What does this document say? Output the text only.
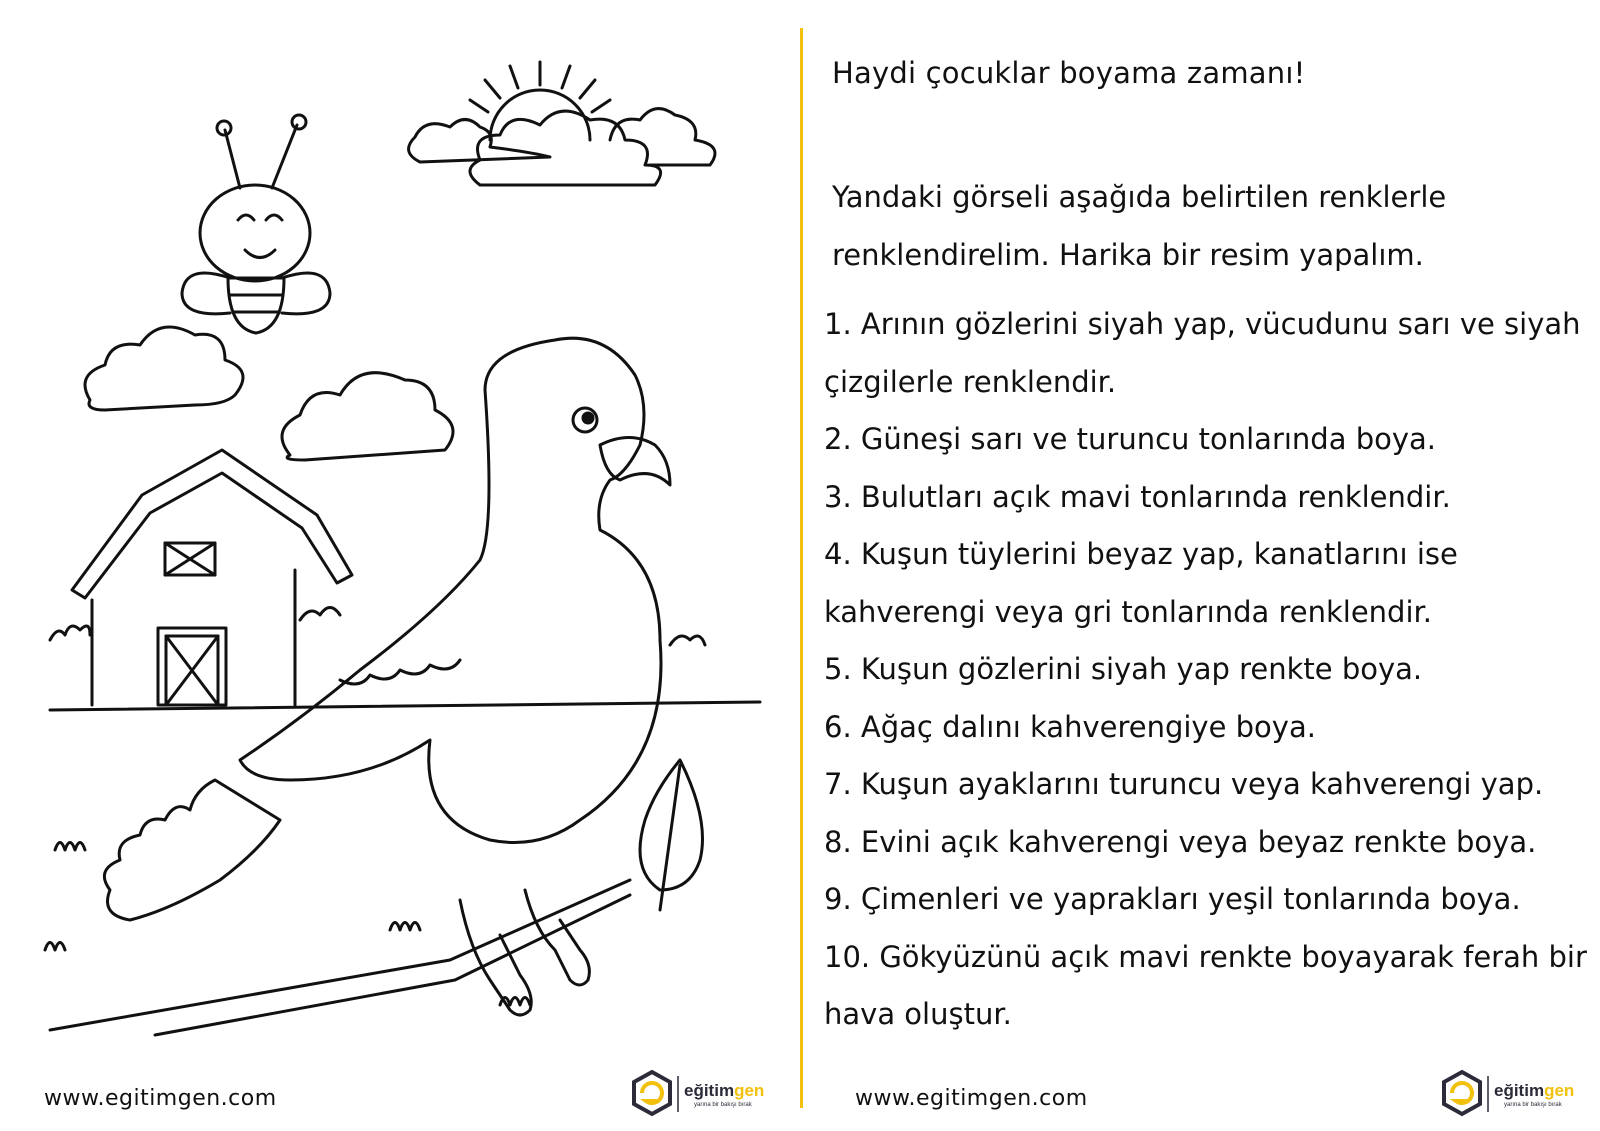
Haydi çocuklar boyama zamanı!
Yandaki görseli aşağıda belirtilen renklerle renklendirelim. Harika bir resim yapalım.
1. Arının gözlerini siyah yap, vücudunu sarı ve siyah çizgilerle renklendir.
2. Güneşi sarı ve turuncu tonlarında boya.
3. Bulutları açık mavi tonlarında renklendir.
4. Kuşun tüylerini beyaz yap, kanatlarını ise kahverengi veya gri tonlarında renklendir.
5. Kuşun gözlerini siyah yap renkte boya.
6. Ağaç dalını kahverengiye boya.
7. Kuşun ayaklarını turuncu veya kahverengi yap.
8. Evini açık kahverengi veya beyaz renkte boya.
9. Çimenleri ve yaprakları yeşil tonlarında boya.
10. Gökyüzünü açık mavi renkte boyayarak ferah bir hava oluştur.
www.egitimgen.com	www.egitimgen.com
eğitimgen
yarına bir bakışı bırak
eğitimgen
yarına bir bakışı bırak
